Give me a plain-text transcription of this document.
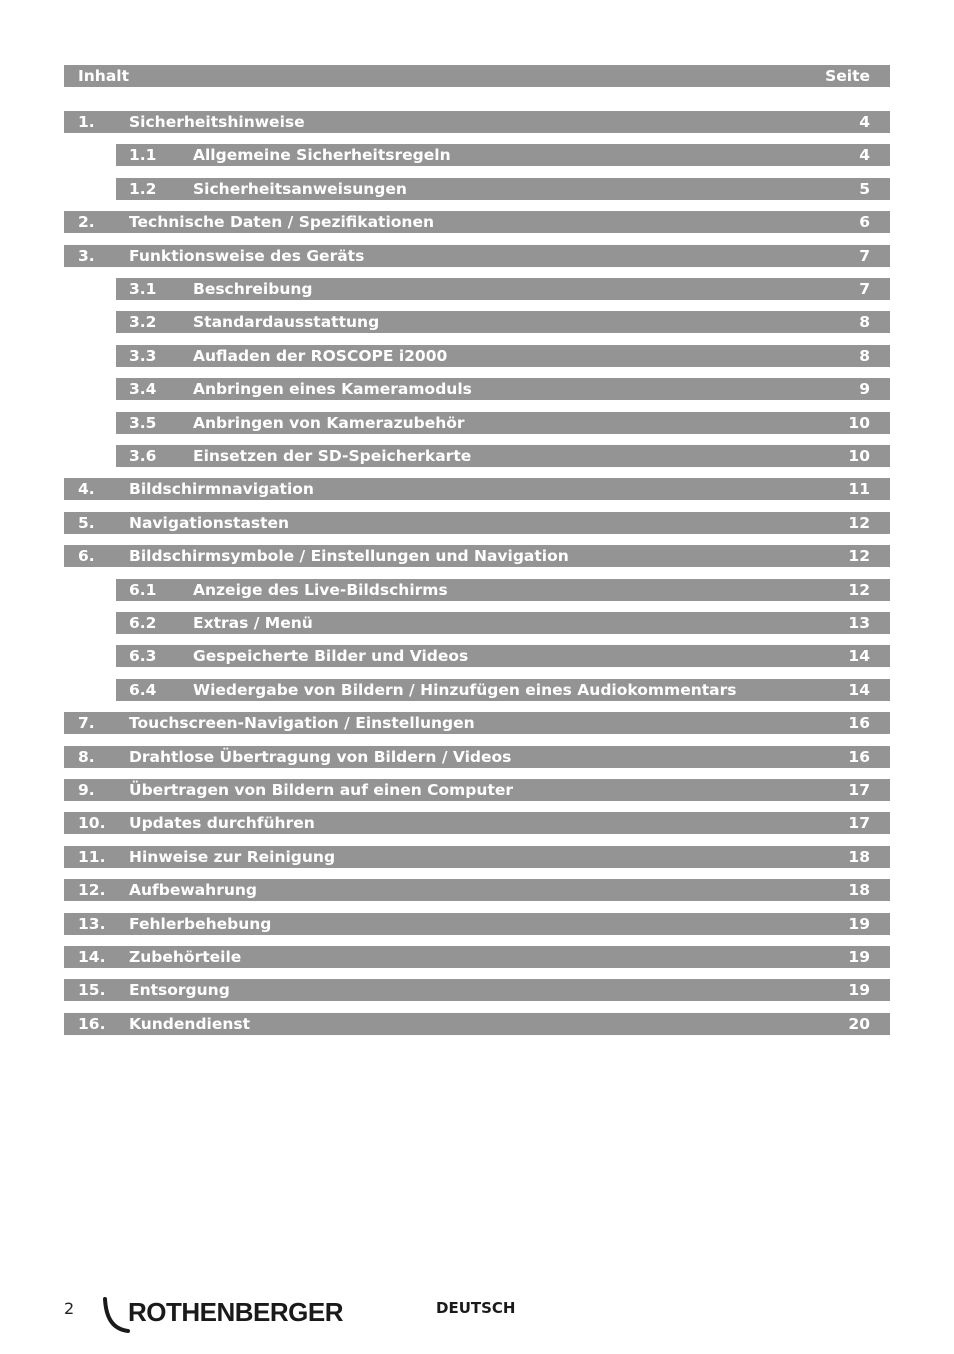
Inhalt	Seite
1. Sicherheitshinweise	4
1.1 Allgemeine Sicherheitsregeln	4
1.2 Sicherheitsanweisungen	5
2. Technische Daten / Spezifikationen	6
3. Funktionsweise des Geräts	7
3.1 Beschreibung	7
3.2 Standardausstattung	8
3.3 Aufladen der ROSCOPE i2000	8
3.4 Anbringen eines Kameramoduls	9
3.5 Anbringen von Kamerazubehör	10
3.6 Einsetzen der SD-Speicherkarte	10
4. Bildschirmnavigation	11
5. Navigationstasten	12
6. Bildschirmsymbole / Einstellungen und Navigation	12
6.1 Anzeige des Live-Bildschirms	12
6.2 Extras / Menü	13
6.3 Gespeicherte Bilder und Videos	14
6.4 Wiedergabe von Bildern / Hinzufügen eines Audiokommentars	14
7. Touchscreen-Navigation / Einstellungen	16
8. Drahtlose Übertragung von Bildern / Videos	16
9. Übertragen von Bildern auf einen Computer	17
10. Updates durchführen	17
11. Hinweise zur Reinigung	18
12. Aufbewahrung	18
13. Fehlerbehebung	19
14. Zubehörteile	19
15. Entsorgung	19
16. Kundendienst	20
2 ROTHENBERGER	DEUTSCH
